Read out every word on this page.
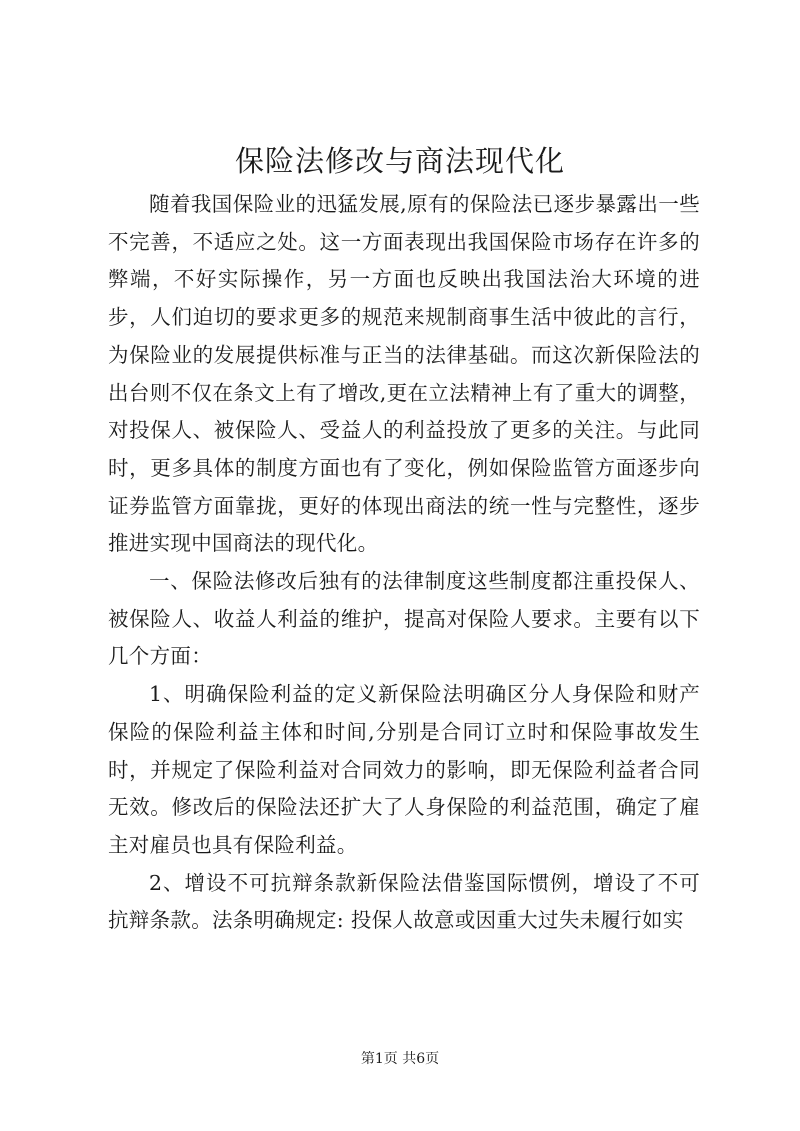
保险法修改与商法现代化

随着我国保险业的迅猛发展,原有的保险法已逐步暴露出一些不完善，不适应之处。这一方面表现出我国保险市场存在许多的弊端，不好实际操作，另一方面也反映出我国法治大环境的进步，人们迫切的要求更多的规范来规制商事生活中彼此的言行，为保险业的发展提供标准与正当的法律基础。而这次新保险法的出台则不仅在条文上有了增改,更在立法精神上有了重大的调整，对投保人、被保险人、受益人的利益投放了更多的关注。与此同时，更多具体的制度方面也有了变化，例如保险监管方面逐步向证券监管方面靠拢，更好的体现出商法的统一性与完整性，逐步推进实现中国商法的现代化。

一、保险法修改后独有的法律制度这些制度都注重投保人、被保险人、收益人利益的维护，提高对保险人要求。主要有以下几个方面：

1、明确保险利益的定义新保险法明确区分人身保险和财产保险的保险利益主体和时间,分别是合同订立时和保险事故发生时，并规定了保险利益对合同效力的影响，即无保险利益者合同无效。修改后的保险法还扩大了人身保险的利益范围，确定了雇主对雇员也具有保险利益。

2、增设不可抗辩条款新保险法借鉴国际惯例，增设了不可抗辩条款。法条明确规定: 投保人故意或因重大过失未履行如实

第1页 共6页
